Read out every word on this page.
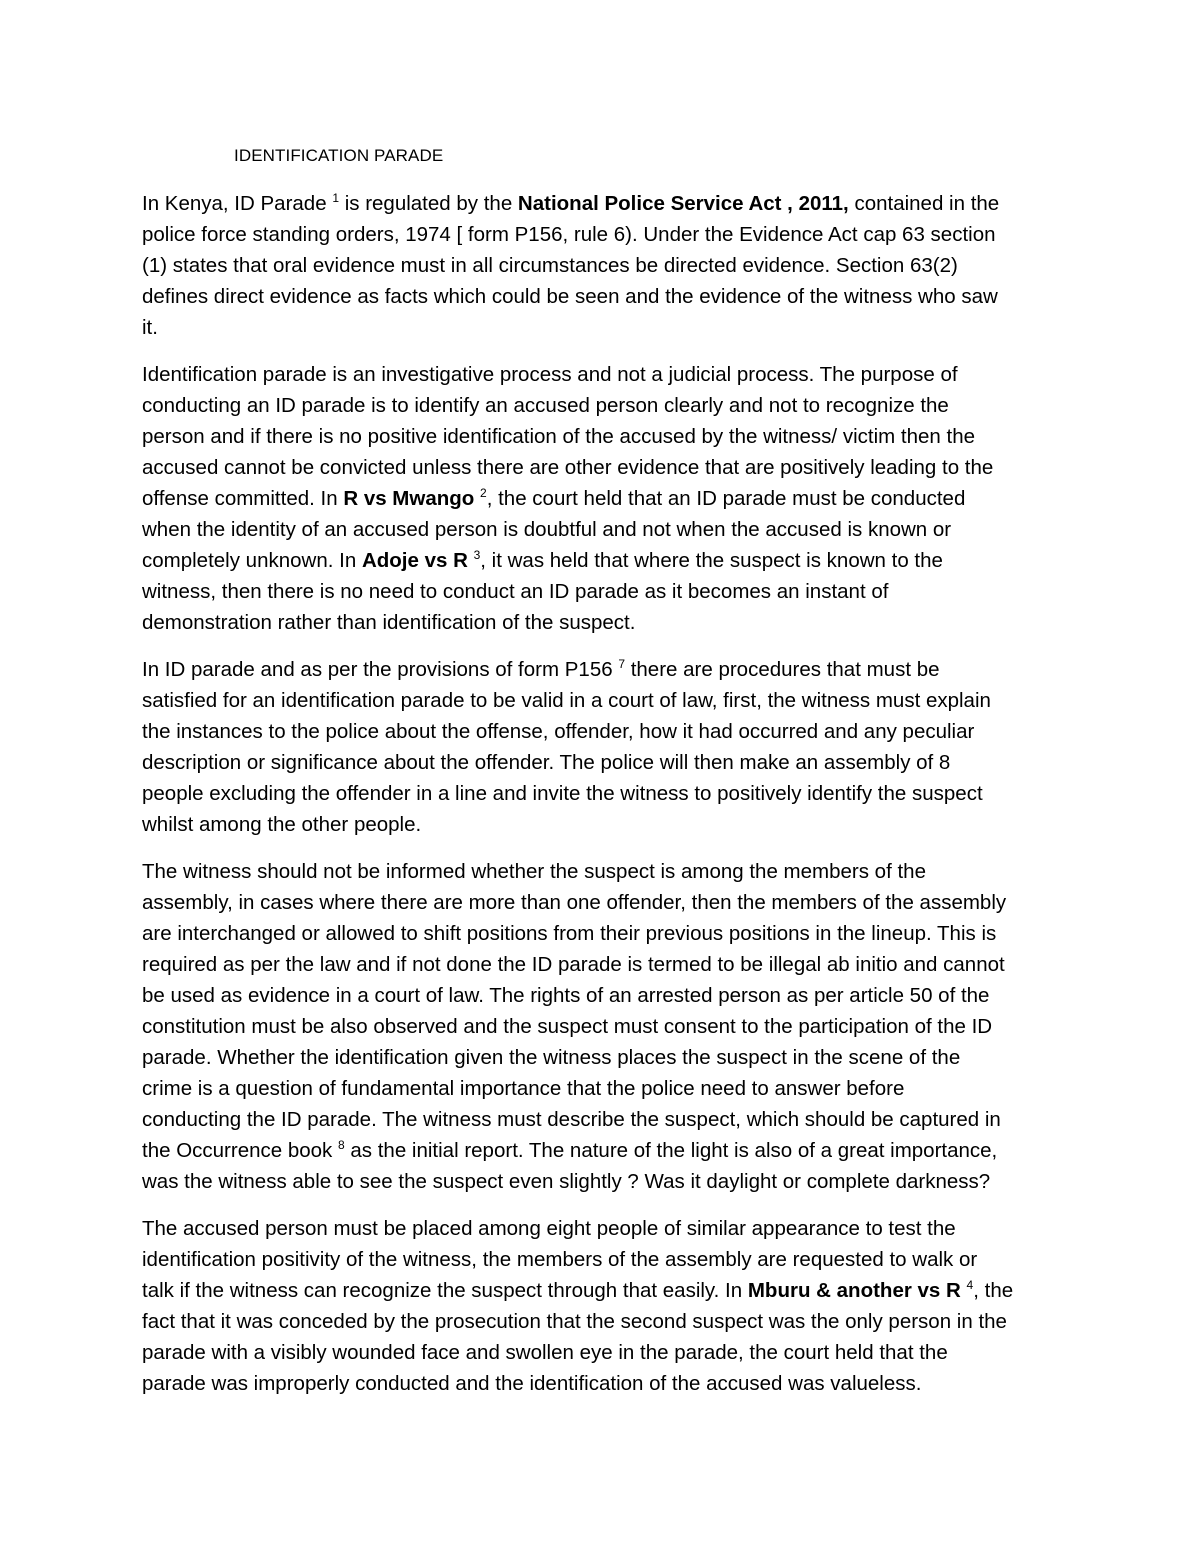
IDENTIFICATION PARADE
In Kenya, ID Parade $^1$ is regulated by the National Police Service Act , 2011, contained in the
police force standing orders, 1974 [ form P156, rule 6). Under the Evidence Act cap 63 section
(1) states that oral evidence must in all circumstances be directed evidence. Section 63(2)
defines direct evidence as facts which could be seen and the evidence of the witness who saw
it.
Identification parade is an investigative process and not a judicial process. The purpose of
conducting an ID parade is to identify an accused person clearly and not to recognize the
person and if there is no positive identification of the accused by the witness/ victim then the
accused cannot be convicted unless there are other evidence that are positively leading to the
offense committed. In R vs Mwango $^2$, the court held that an ID parade must be conducted
when the identity of an accused person is doubtful and not when the accused is known or
completely unknown. In Adoje vs R $^3$, it was held that where the suspect is known to the
witness, then there is no need to conduct an ID parade as it becomes an instant of
demonstration rather than identification of the suspect.
In ID parade and as per the provisions of form P156 $^7$ there are procedures that must be
satisfied for an identification parade to be valid in a court of law, first, the witness must explain
the instances to the police about the offense, offender, how it had occurred and any peculiar
description or significance about the offender. The police will then make an assembly of 8
people excluding the offender in a line and invite the witness to positively identify the suspect
whilst among the other people.
The witness should not be informed whether the suspect is among the members of the
assembly, in cases where there are more than one offender, then the members of the assembly
are interchanged or allowed to shift positions from their previous positions in the lineup. This is
required as per the law and if not done the ID parade is termed to be illegal ab initio and cannot
be used as evidence in a court of law. The rights of an arrested person as per article 50 of the
constitution must be also observed and the suspect must consent to the participation of the ID
parade. Whether the identification given the witness places the suspect in the scene of the
crime is a question of fundamental importance that the police need to answer before
conducting the ID parade. The witness must describe the suspect, which should be captured in
the Occurrence book $^8$ as the initial report. The nature of the light is also of a great importance,
was the witness able to see the suspect even slightly ? Was it daylight or complete darkness?
The accused person must be placed among eight people of similar appearance to test the
identification positivity of the witness, the members of the assembly are requested to walk or
talk if the witness can recognize the suspect through that easily. In Mburu & another vs R $^4$, the
fact that it was conceded by the prosecution that the second suspect was the only person in the
parade with a visibly wounded face and swollen eye in the parade, the court held that the
parade was improperly conducted and the identification of the accused was valueless.
